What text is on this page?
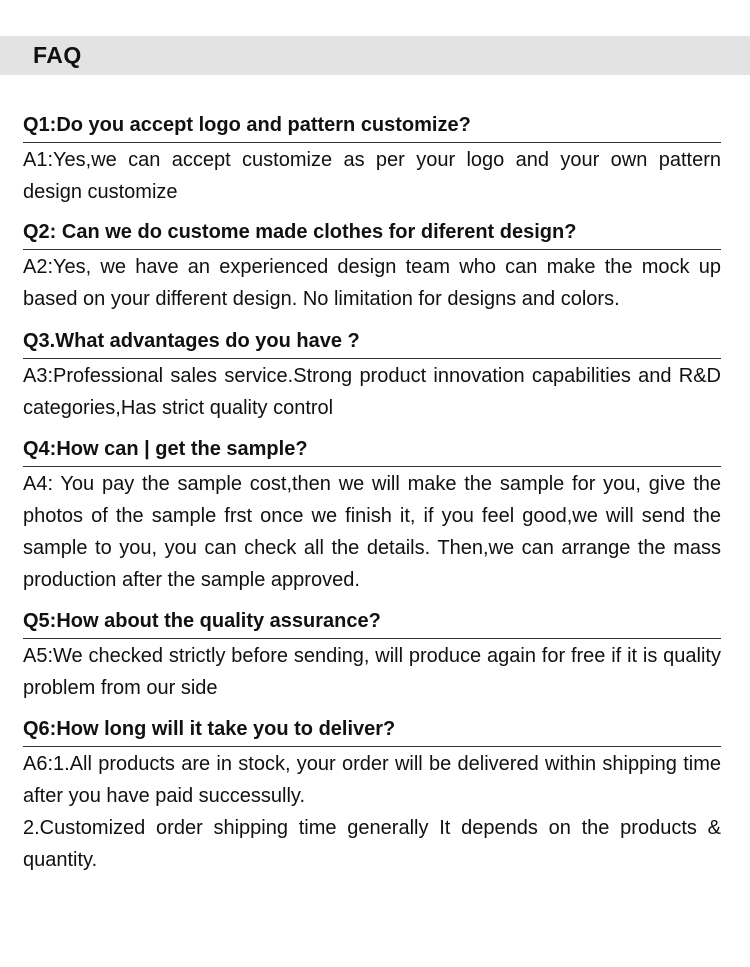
FAQ
Q1:Do you accept logo and pattern customize?
A1:Yes,we can accept customize as per your logo and your own pattern design customize
Q2: Can we do custome made clothes for diferent design?
A2:Yes, we have an experienced design team who can make the mock up based on your different design. No limitation for designs and colors.
Q3.What advantages do you have ?
A3:Professional sales service.Strong product innovation capabilities and R&D categories,Has strict quality control
Q4:How can | get the sample?
A4: You pay the sample cost,then we will make the sample for you, give the photos of the sample frst once we finish it, if you feel good,we will send the sample to you, you can check all the details. Then,we can arrange the mass production after the sample approved.
Q5:How about the quality assurance?
A5:We checked strictly before sending, will produce again for free if it is quality problem from our side
Q6:How long will it take you to deliver?
A6:1.All products are in stock, your order will be delivered within shipping time after you have paid successully.
2.Customized order shipping time generally It depends on the products & quantity.
